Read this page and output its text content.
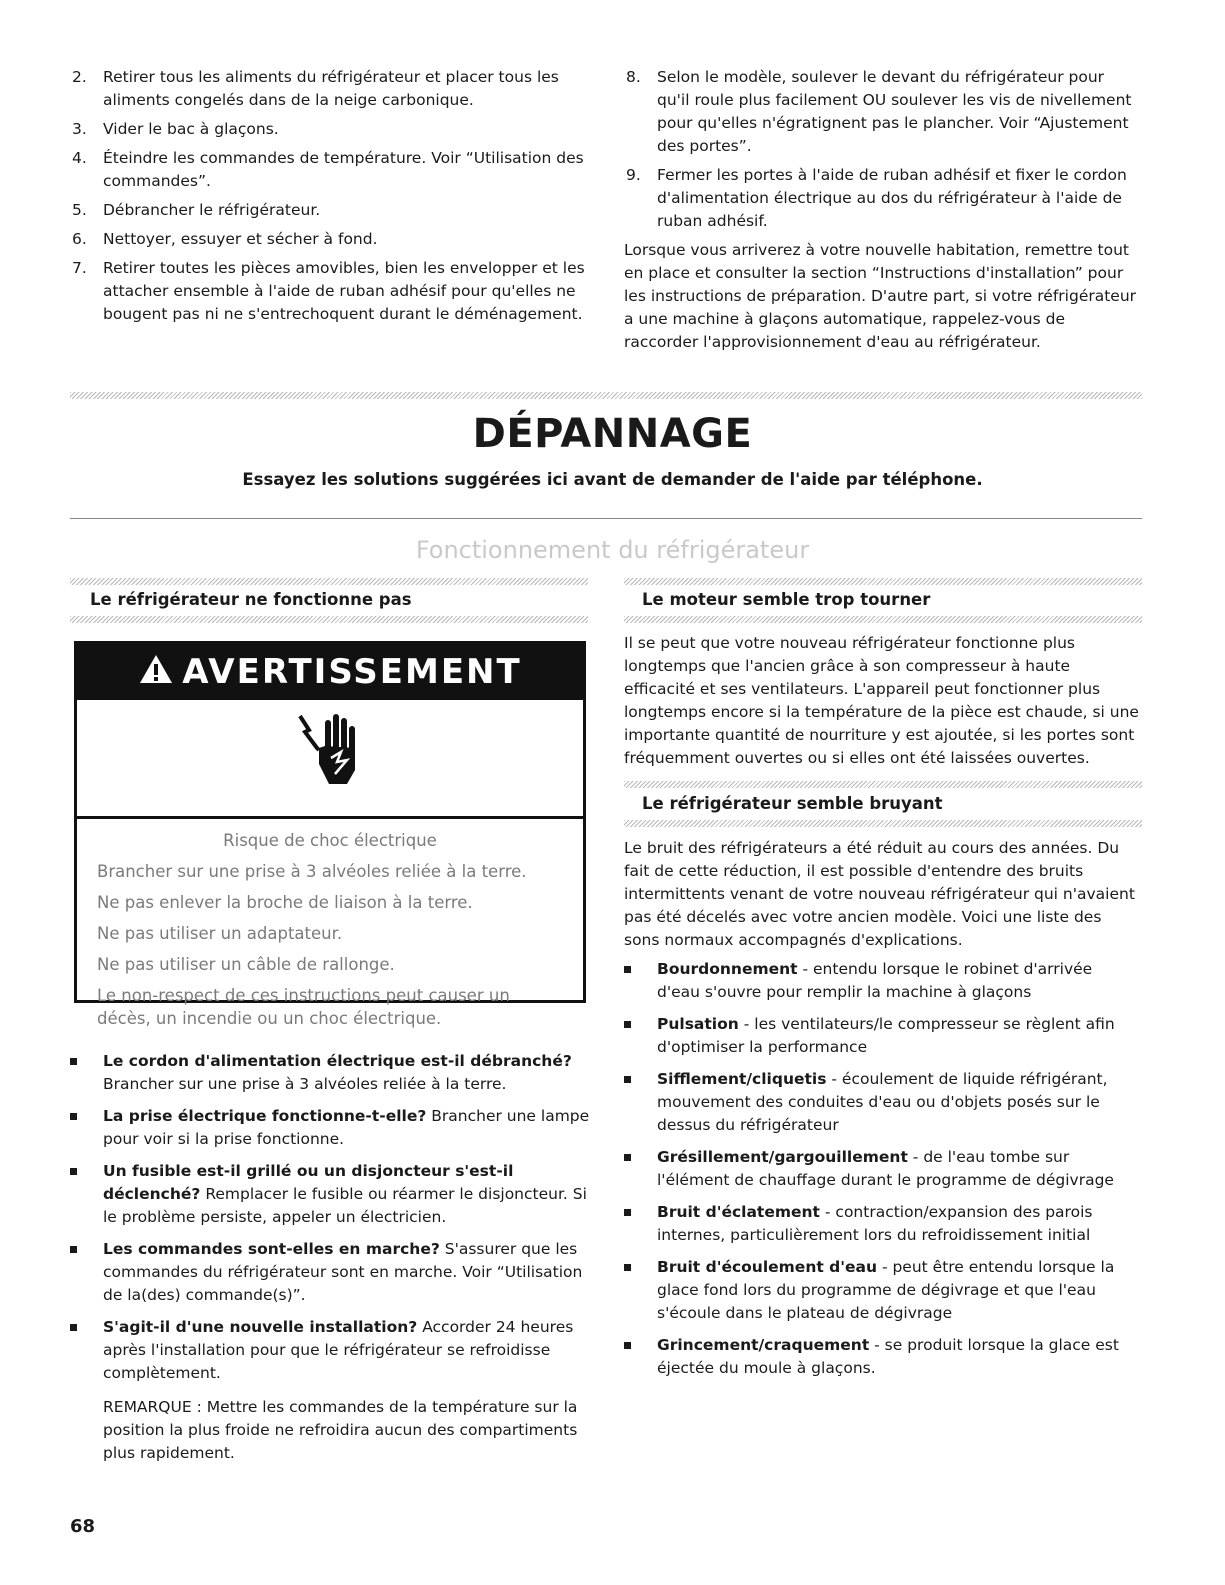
2. Retirer tous les aliments du réfrigérateur et placer tous les aliments congelés dans de la neige carbonique.
3. Vider le bac à glaçons.
4. Éteindre les commandes de température. Voir “Utilisation des commandes”.
5. Débrancher le réfrigérateur.
6. Nettoyer, essuyer et sécher à fond.
7. Retirer toutes les pièces amovibles, bien les envelopper et les attacher ensemble à l'aide de ruban adhésif pour qu'elles ne bougent pas ni ne s'entrechoquent durant le déménagement.
8. Selon le modèle, soulever le devant du réfrigérateur pour qu'il roule plus facilement OU soulever les vis de nivellement pour qu'elles n'égratignent pas le plancher. Voir “Ajustement des portes”.
9. Fermer les portes à l'aide de ruban adhésif et fixer le cordon d'alimentation électrique au dos du réfrigérateur à l'aide de ruban adhésif.

Lorsque vous arriverez à votre nouvelle habitation, remettre tout en place et consulter la section “Instructions d'installation” pour les instructions de préparation. D'autre part, si votre réfrigérateur a une machine à glaçons automatique, rappelez-vous de raccorder l'approvisionnement d'eau au réfrigérateur.

DÉPANNAGE

Essayez les solutions suggérées ici avant de demander de l'aide par téléphone.

Fonctionnement du réfrigérateur

Le réfrigérateur ne fonctionne pas
AVERTISSEMENT
Risque de choc électrique
Brancher sur une prise à 3 alvéoles reliée à la terre.
Ne pas enlever la broche de liaison à la terre.
Ne pas utiliser un adaptateur.
Ne pas utiliser un câble de rallonge.
Le non-respect de ces instructions peut causer un décès, un incendie ou un choc électrique.
Le cordon d'alimentation électrique est-il débranché? Brancher sur une prise à 3 alvéoles reliée à la terre.
La prise électrique fonctionne-t-elle? Brancher une lampe pour voir si la prise fonctionne.
Un fusible est-il grillé ou un disjoncteur s'est-il déclenché? Remplacer le fusible ou réarmer le disjoncteur. Si le problème persiste, appeler un électricien.
Les commandes sont-elles en marche? S'assurer que les commandes du réfrigérateur sont en marche. Voir “Utilisation de la(des) commande(s)”.
S'agit-il d'une nouvelle installation? Accorder 24 heures après l'installation pour que le réfrigérateur se refroidisse complètement.
REMARQUE : Mettre les commandes de la température sur la position la plus froide ne refroidira aucun des compartiments plus rapidement.
Le moteur semble trop tourner
Il se peut que votre nouveau réfrigérateur fonctionne plus longtemps que l'ancien grâce à son compresseur à haute efficacité et ses ventilateurs. L'appareil peut fonctionner plus longtemps encore si la température de la pièce est chaude, si une importante quantité de nourriture y est ajoutée, si les portes sont fréquemment ouvertes ou si elles ont été laissées ouvertes.
Le réfrigérateur semble bruyant
Le bruit des réfrigérateurs a été réduit au cours des années. Du fait de cette réduction, il est possible d'entendre des bruits intermittents venant de votre nouveau réfrigérateur qui n'avaient pas été décelés avec votre ancien modèle. Voici une liste des sons normaux accompagnés d'explications.
Bourdonnement - entendu lorsque le robinet d'arrivée d'eau s'ouvre pour remplir la machine à glaçons
Pulsation - les ventilateurs/le compresseur se règlent afin d'optimiser la performance
Sifflement/cliquetis - écoulement de liquide réfrigérant, mouvement des conduites d'eau ou d'objets posés sur le dessus du réfrigérateur
Grésillement/gargouillement - de l'eau tombe sur l'élément de chauffage durant le programme de dégivrage
Bruit d'éclatement - contraction/expansion des parois internes, particulièrement lors du refroidissement initial
Bruit d'écoulement d'eau - peut être entendu lorsque la glace fond lors du programme de dégivrage et que l'eau s'écoule dans le plateau de dégivrage
Grincement/craquement - se produit lorsque la glace est éjectée du moule à glaçons.
68
